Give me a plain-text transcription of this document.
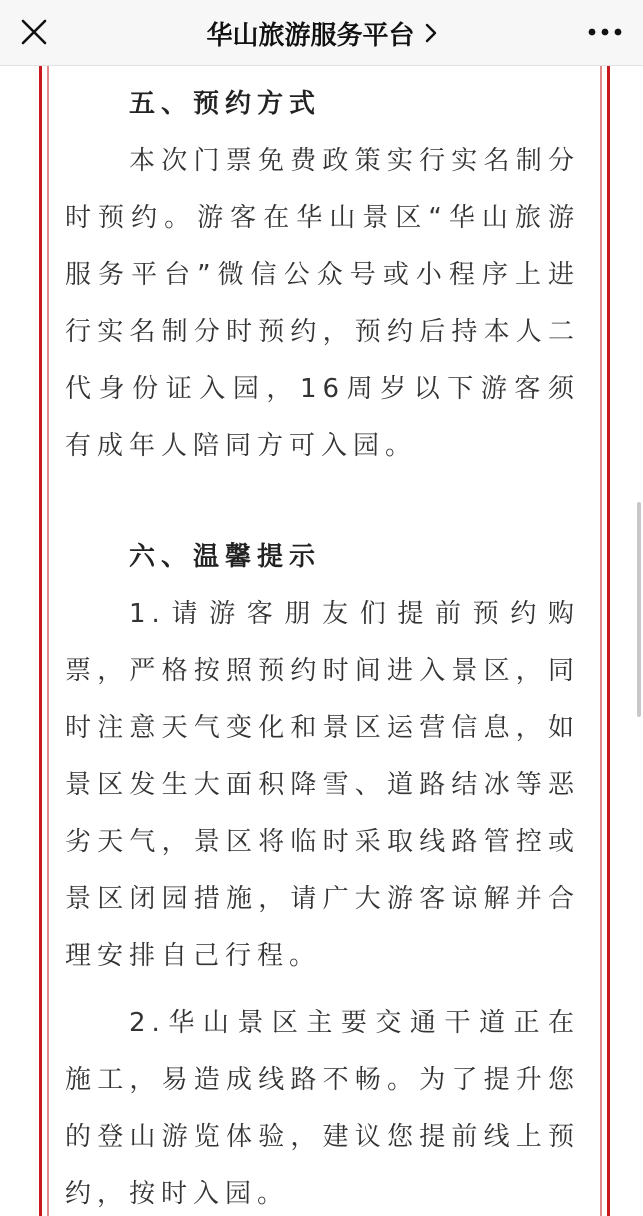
华山旅游服务平台

五、预约方式

本次门票免费政策实行实名制分时预约。游客在华山景区“华山旅游服务平台”微信公众号或小程序上进行实名制分时预约，预约后持本人二代身份证入园，16周岁以下游客须有成年人陪同方可入园。

六、温馨提示

1.请游客朋友们提前预约购票，严格按照预约时间进入景区，同时注意天气变化和景区运营信息，如景区发生大面积降雪、道路结冰等恶劣天气，景区将临时采取线路管控或景区闭园措施，请广大游客谅解并合理安排自己行程。

2.华山景区主要交通干道正在施工，易造成线路不畅。为了提升您的登山游览体验，建议您提前线上预约，按时入园。
